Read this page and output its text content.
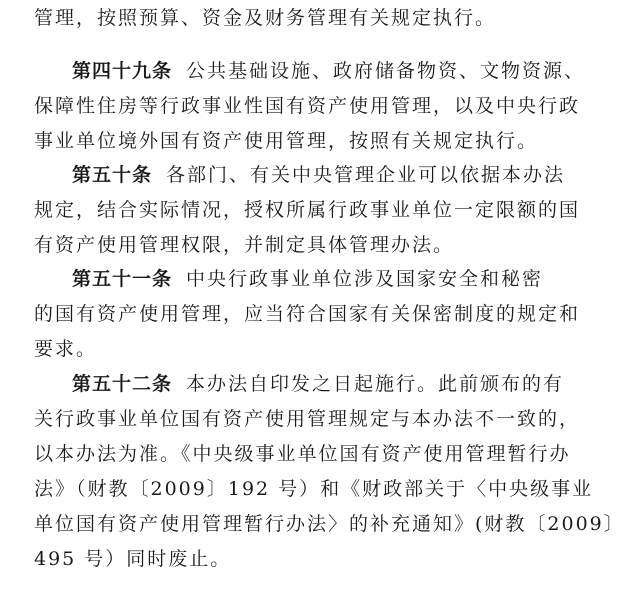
管理，按照预算、资金及财务管理有关规定执行。
第四十九条 公共基础设施、政府储备物资、文物资源、
保障性住房等行政事业性国有资产使用管理，以及中央行政
事业单位境外国有资产使用管理，按照有关规定执行。
第五十条 各部门、有关中央管理企业可以依据本办法
规定，结合实际情况，授权所属行政事业单位一定限额的国
有资产使用管理权限，并制定具体管理办法。
第五十一条 中央行政事业单位涉及国家安全和秘密
的国有资产使用管理，应当符合国家有关保密制度的规定和
要求。
第五十二条 本办法自印发之日起施行。此前颁布的有
关行政事业单位国有资产使用管理规定与本办法不一致的，
以本办法为准。《中央级事业单位国有资产使用管理暂行办
法》（财教〔2009〕192 号）和《财政部关于〈中央级事业
单位国有资产使用管理暂行办法〉的补充通知》(财教〔2009〕
495 号）同时废止。
